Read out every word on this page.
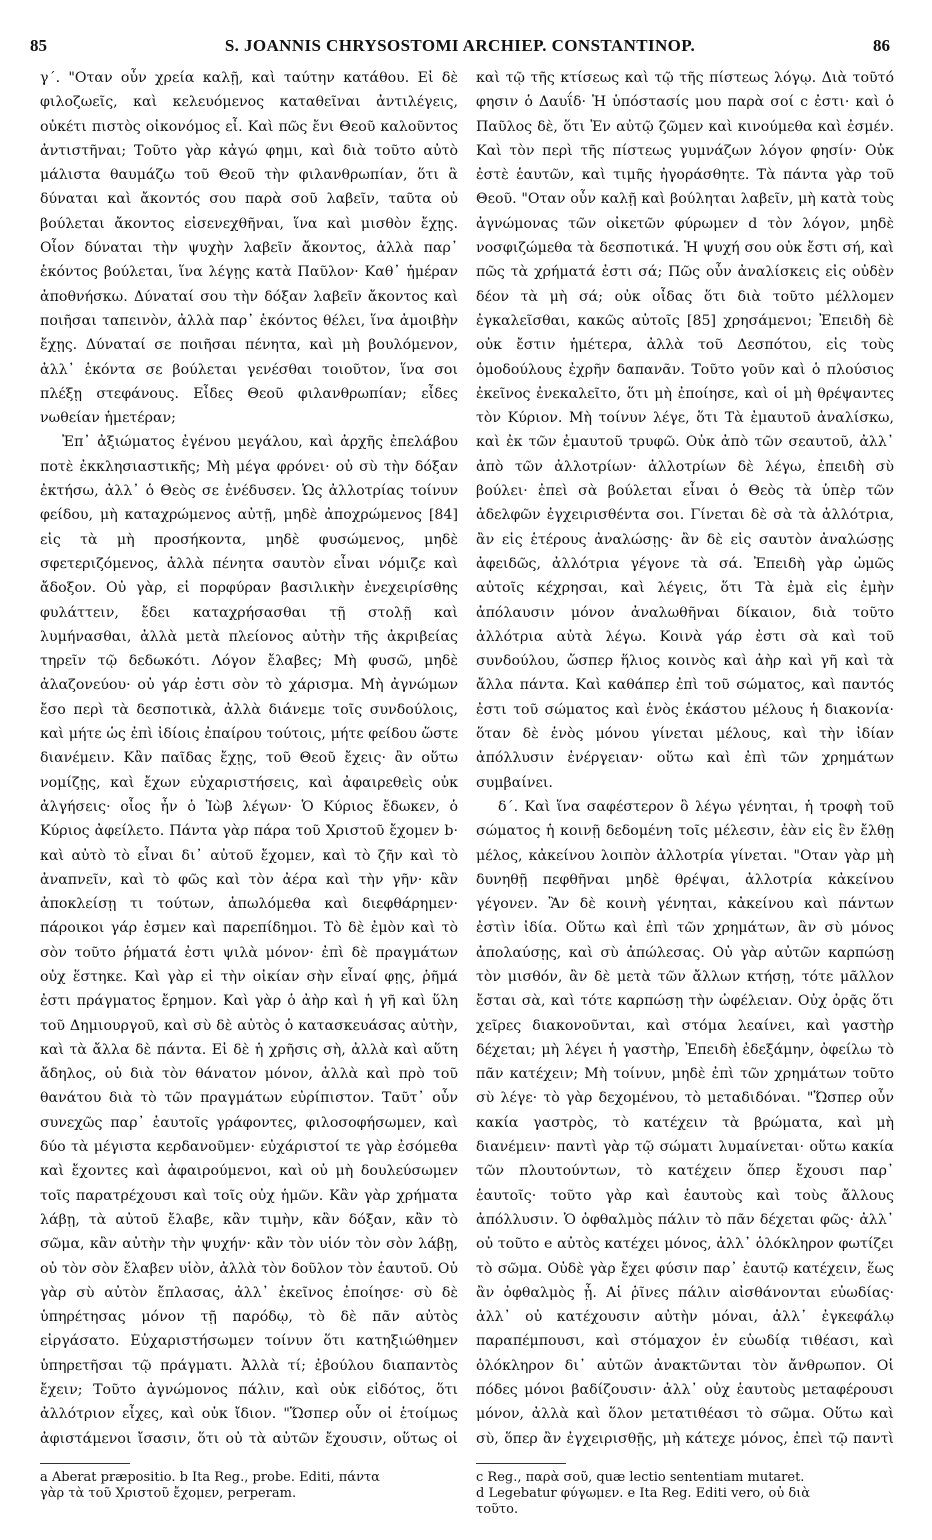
85	S. JOANNIS CHRYSOSTOMI ARCHIEP. CONSTANTINOP.	86

γ΄. "Οταν οὖν χρεία καλῇ, καὶ ταύτην κατάθου. Εἰ δὲ φιλοζωεῖς, καὶ κελευόμενος καταθεῖναι ἀντιλέγεις, οὐκέτι πιστὸς οἰκονόμος εἶ. Καὶ πῶς ἔνι Θεοῦ καλοῦντος ἀντιστῆναι; Τοῦτο γὰρ κἀγώ φημι, καὶ διὰ τοῦτο αὐτὸ μάλιστα θαυμάζω τοῦ Θεοῦ τὴν φιλανθρωπίαν, ὅτι ἃ δύναται καὶ ἄκοντός σου παρὰ σοῦ λαβεῖν, ταῦτα οὐ βούλεται ἄκοντος εἰσενεχθῆναι, ἵνα καὶ μισθὸν ἔχῃς. Οἷον δύναται τὴν ψυχὴν λαβεῖν ἄκοντος, ἀλλὰ παρ᾽ ἑκόντος βούλεται, ἵνα λέγῃς κατὰ Παῦλον· Καθ᾽ ἡμέραν ἀποθνήσκω. Δύναταί σου τὴν δόξαν λαβεῖν ἄκοντος καὶ ποιῆσαι ταπεινὸν, ἀλλὰ παρ᾽ ἑκόντος θέλει, ἵνα ἀμοιβὴν ἔχῃς. Δύναταί σε ποιῆσαι πένητα, καὶ μὴ βουλόμενον, ἀλλ᾽ ἑκόντα σε βούλεται γενέσθαι τοιοῦτον, ἵνα σοι πλέξῃ στεφάνους. Εἶδες Θεοῦ φιλανθρωπίαν; εἶδες νωθείαν ἡμετέραν;

Ἐπ᾽ ἀξιώματος ἐγένου μεγάλου, καὶ ἀρχῆς ἐπελάβου ποτὲ ἐκκλησιαστικῆς; Μὴ μέγα φρόνει· οὐ σὺ τὴν δόξαν ἐκτήσω, ἀλλ᾽ ὁ Θεὸς σε ἐνέδυσεν. Ὡς ἀλλοτρίας τοίνυν φείδου, μὴ καταχρώμενος αὐτῇ, μηδὲ ἀποχρώμενος [84] εἰς τὰ μὴ προσήκοντα, μηδὲ φυσώμενος, μηδὲ σφετεριζόμενος, ἀλλὰ πένητα σαυτὸν εἶναι νόμιζε καὶ ἄδοξον. Οὐ γὰρ, εἰ πορφύραν βασιλικὴν ἐνεχειρίσθης φυλάττειν, ἔδει καταχρήσασθαι τῇ στολῇ καὶ λυμήνασθαι, ἀλλὰ μετὰ πλείονος αὐτὴν τῆς ἀκριβείας τηρεῖν τῷ δεδωκότι. Λόγον ἔλαβες; Μὴ φυσῶ, μηδὲ ἀλαζονεύου· οὐ γάρ ἐστι σὸν τὸ χάρισμα. Μὴ ἀγνώμων ἔσο περὶ τὰ δεσποτικὰ, ἀλλὰ διάνεμε τοῖς συνδούλοις, καὶ μήτε ὡς ἐπὶ ἰδίοις ἐπαίρου τούτοις, μήτε φείδου ὥστε διανέμειν. Κἂν παῖδας ἔχῃς, τοῦ Θεοῦ ἔχεις· ἂν οὕτω νομίζῃς, καὶ ἔχων εὐχαριστήσεις, καὶ ἀφαιρεθεὶς οὐκ ἀλγήσεις· οἷος ἦν ὁ Ἰὼβ λέγων· Ὁ Κύριος ἔδωκεν, ὁ Κύριος ἀφείλετο. Πάντα γὰρ πάρα τοῦ Χριστοῦ ἔχομεν b· καὶ αὐτὸ τὸ εἶναι δι᾽ αὐτοῦ ἔχομεν, καὶ τὸ ζῆν καὶ τὸ ἀναπνεῖν, καὶ τὸ φῶς καὶ τὸν ἀέρα καὶ τὴν γῆν· κἂν ἀποκλείσῃ τι τούτων, ἀπωλόμεθα καὶ διεφθάρημεν· πάροικοι γάρ ἐσμεν καὶ παρεπίδημοι. Τὸ δὲ ἐμὸν καὶ τὸ σὸν τοῦτο ῥήματά ἐστι ψιλὰ μόνον· ἐπὶ δὲ πραγμάτων οὐχ ἕστηκε. Καὶ γὰρ εἰ τὴν οἰκίαν σὴν εἶναί φῃς, ῥῆμά ἐστι πράγματος ἔρημον. Καὶ γὰρ ὁ ἀὴρ καὶ ἡ γῆ καὶ ὕλη τοῦ Δημιουργοῦ, καὶ σὺ δὲ αὐτὸς ὁ κατασκευάσας αὐτὴν, καὶ τὰ ἄλλα δὲ πάντα. Εἰ δὲ ἡ χρῆσις σὴ, ἀλλὰ καὶ αὕτη ἄδηλος, οὐ διὰ τὸν θάνατον μόνον, ἀλλὰ καὶ πρὸ τοῦ θανάτου διὰ τὸ τῶν πραγμάτων εὐρίπιστον. Ταῦτ᾽ οὖν συνεχῶς παρ᾽ ἑαυτοῖς γράφοντες, φιλοσοφήσωμεν, καὶ δύο τὰ μέγιστα κερδανοῦμεν· εὐχάριστοί τε γὰρ ἐσόμεθα καὶ ἔχοντες καὶ ἀφαιρούμενοι, καὶ οὐ μὴ δουλεύσωμεν τοῖς παρατρέχουσι καὶ τοῖς οὐχ ἡμῶν. Κἂν γὰρ χρήματα λάβῃ, τὰ αὐτοῦ ἔλαβε, κἂν τιμὴν, κἂν δόξαν, κἂν τὸ σῶμα, κἂν αὐτὴν τὴν ψυχήν· κἂν τὸν υἱόν τὸν σὸν λάβῃ, οὐ τὸν σὸν ἔλαβεν υἱὸν, ἀλλὰ τὸν δοῦλον τὸν ἑαυτοῦ. Οὐ γὰρ σὺ αὐτὸν ἔπλασας, ἀλλ᾽ ἐκεῖνος ἐποίησε· σὺ δὲ ὑπηρέτησας μόνον τῇ παρόδῳ, τὸ δὲ πᾶν αὐτὸς εἰργάσατο. Εὐχαριστήσωμεν τοίνυν ὅτι κατηξιώθημεν ὑπηρετῆσαι τῷ πράγματι. Ἀλλὰ τί; ἐβούλου διαπαντὸς ἔχειν; Τοῦτο ἀγνώμονος πάλιν, καὶ οὐκ εἰδότος, ὅτι ἀλλότριον εἶχες, καὶ οὐκ ἴδιον. "Ὥσπερ οὖν οἱ ἑτοίμως ἀφιστάμενοι ἴσασιν, ὅτι οὐ τὰ αὐτῶν ἔχουσιν, οὕτως οἱ

καὶ τῷ τῆς κτίσεως καὶ τῷ τῆς πίστεως λόγῳ. Διὰ τοῦτό φησιν ὁ Δαυΐδ· Ἡ ὑπόστασίς μου παρὰ σοί c ἐστι· καὶ ὁ Παῦλος δὲ, ὅτι Ἐν αὐτῷ ζῶμεν καὶ κινούμεθα καὶ ἐσμέν. Καὶ τὸν περὶ τῆς πίστεως γυμνάζων λόγον φησίν· Οὐκ ἐστὲ ἑαυτῶν, καὶ τιμῆς ἠγοράσθητε. Τὰ πάντα γὰρ τοῦ Θεοῦ. "Οταν οὖν καλῇ καὶ βούληται λαβεῖν, μὴ κατὰ τοὺς ἀγνώμονας τῶν οἰκετῶν φύρωμεν d τὸν λόγον, μηδὲ νοσφιζώμεθα τὰ δεσποτικά. Ἡ ψυχή σου οὐκ ἔστι σή, καὶ πῶς τὰ χρήματά ἐστι σά; Πῶς οὖν ἀναλίσκεις εἰς οὐδὲν δέον τὰ μὴ σά; οὐκ οἶδας ὅτι διὰ τοῦτο μέλλομεν ἐγκαλεῖσθαι, κακῶς αὐτοῖς [85] χρησάμενοι; Ἐπειδὴ δὲ οὐκ ἔστιν ἡμέτερα, ἀλλὰ τοῦ Δεσπότου, εἰς τοὺς ὁμοδούλους ἐχρῆν δαπανᾶν. Τοῦτο γοῦν καὶ ὁ πλούσιος ἐκεῖνος ἐνεκαλεῖτο, ὅτι μὴ ἐποίησε, καὶ οἱ μὴ θρέψαντες τὸν Κύριον. Μὴ τοίνυν λέγε, ὅτι Τὰ ἐμαυτοῦ ἀναλίσκω, καὶ ἐκ τῶν ἐμαυτοῦ τρυφῶ. Οὐκ ἀπὸ τῶν σεαυτοῦ, ἀλλ᾽ ἀπὸ τῶν ἀλλοτρίων· ἀλλοτρίων δὲ λέγω, ἐπειδὴ σὺ βούλει· ἐπεὶ σὰ βούλεται εἶναι ὁ Θεὸς τὰ ὑπὲρ τῶν ἀδελφῶν ἐγχειρισθέντα σοι. Γίνεται δὲ σὰ τὰ ἀλλότρια, ἂν εἰς ἑτέρους ἀναλώσῃς· ἂν δὲ εἰς σαυτὸν ἀναλώσῃς ἀφειδῶς, ἀλλότρια γέγονε τὰ σά. Ἐπειδὴ γὰρ ὠμῶς αὐτοῖς κέχρησαι, καὶ λέγεις, ὅτι Τὰ ἐμὰ εἰς ἐμὴν ἀπόλαυσιν μόνον ἀναλωθῆναι δίκαιον, διὰ τοῦτο ἀλλότρια αὐτὰ λέγω. Κοινὰ γάρ ἐστι σὰ καὶ τοῦ συνδούλου, ὥσπερ ἥλιος κοινὸς καὶ ἀὴρ καὶ γῆ καὶ τὰ ἄλλα πάντα. Καὶ καθάπερ ἐπὶ τοῦ σώματος, καὶ παντός ἐστι τοῦ σώματος καὶ ἑνὸς ἑκάστου μέλους ἡ διακονία· ὅταν δὲ ἑνὸς μόνου γίνεται μέλους, καὶ τὴν ἰδίαν ἀπόλλυσιν ἐνέργειαν· οὕτω καὶ ἐπὶ τῶν χρημάτων συμβαίνει.

δ΄. Καὶ ἵνα σαφέστερον ὃ λέγω γένηται, ἡ τροφὴ τοῦ σώματος ἡ κοινῇ δεδομένη τοῖς μέλεσιν, ἐὰν εἰς ἓν ἔλθῃ μέλος, κἀκείνου λοιπὸν ἀλλοτρία γίνεται. "Οταν γὰρ μὴ δυνηθῇ πεφθῆναι μηδὲ θρέψαι, ἀλλοτρία κἀκείνου γέγονεν. Ἂν δὲ κοινὴ γένηται, κἀκείνου καὶ πάντων ἐστὶν ἰδία. Οὕτω καὶ ἐπὶ τῶν χρημάτων, ἂν σὺ μόνος ἀπολαύσῃς, καὶ σὺ ἀπώλεσας. Οὐ γὰρ αὐτῶν καρπώσῃ τὸν μισθόν, ἂν δὲ μετὰ τῶν ἄλλων κτήσῃ, τότε μᾶλλον ἔσται σὰ, καὶ τότε καρπώσῃ τὴν ὠφέλειαν. Οὐχ ὁρᾷς ὅτι χεῖρες διακονοῦνται, καὶ στόμα λεαίνει, καὶ γαστὴρ δέχεται; μὴ λέγει ἡ γαστὴρ, Ἐπειδὴ ἐδεξάμην, ὀφείλω τὸ πᾶν κατέχειν; Μὴ τοίνυν, μηδὲ ἐπὶ τῶν χρημάτων τοῦτο σὺ λέγε· τὸ γὰρ δεχομένου, τὸ μεταδιδόναι. "Ὥσπερ οὖν κακία γαστρὸς, τὸ κατέχειν τὰ βρώματα, καὶ μὴ διανέμειν· παντὶ γὰρ τῷ σώματι λυμαίνεται· οὕτω κακία τῶν πλουτούντων, τὸ κατέχειν ὅπερ ἔχουσι παρ᾽ ἑαυτοῖς· τοῦτο γὰρ καὶ ἑαυτοὺς καὶ τοὺς ἄλλους ἀπόλλυσιν. Ὁ ὀφθαλμὸς πάλιν τὸ πᾶν δέχεται φῶς· ἀλλ᾽ οὐ τοῦτο e αὐτὸς κατέχει μόνος, ἀλλ᾽ ὁλόκληρον φωτίζει τὸ σῶμα. Οὐδὲ γὰρ ἔχει φύσιν παρ᾽ ἑαυτῷ κατέχειν, ἕως ἂν ὀφθαλμὸς ᾖ. Αἱ ῥῖνες πάλιν αἰσθάνονται εὐωδίας· ἀλλ᾽ οὐ κατέχουσιν αὐτὴν μόναι, ἀλλ᾽ ἐγκεφάλῳ παραπέμπουσι, καὶ στόμαχον ἐν εὐωδίᾳ τιθέασι, καὶ ὁλόκληρον δι᾽ αὐτῶν ἀνακτῶνται τὸν ἄνθρωπον. Οἱ πόδες μόνοι βαδίζουσιν· ἀλλ᾽ οὐχ ἑαυτοὺς μεταφέρουσι μόνον, ἀλλὰ καὶ ὅλον μετατιθέασι τὸ σῶμα. Οὕτω καὶ σὺ, ὅπερ ἂν ἐγχειρισθῇς, μὴ κάτεχε μόνος, ἐπεὶ τῷ παντὶ

a Aberat præpositio. b Ita Reg., probe. Editi, πάντα
γὰρ τὰ τοῦ Χριστοῦ ἔχομεν, perperam.
c Reg., παρὰ σοῦ, quæ lectio sententiam mutaret.
d Legebatur φύγωμεν. e Ita Reg. Editi vero, οὐ διὰ
τοῦτο.
